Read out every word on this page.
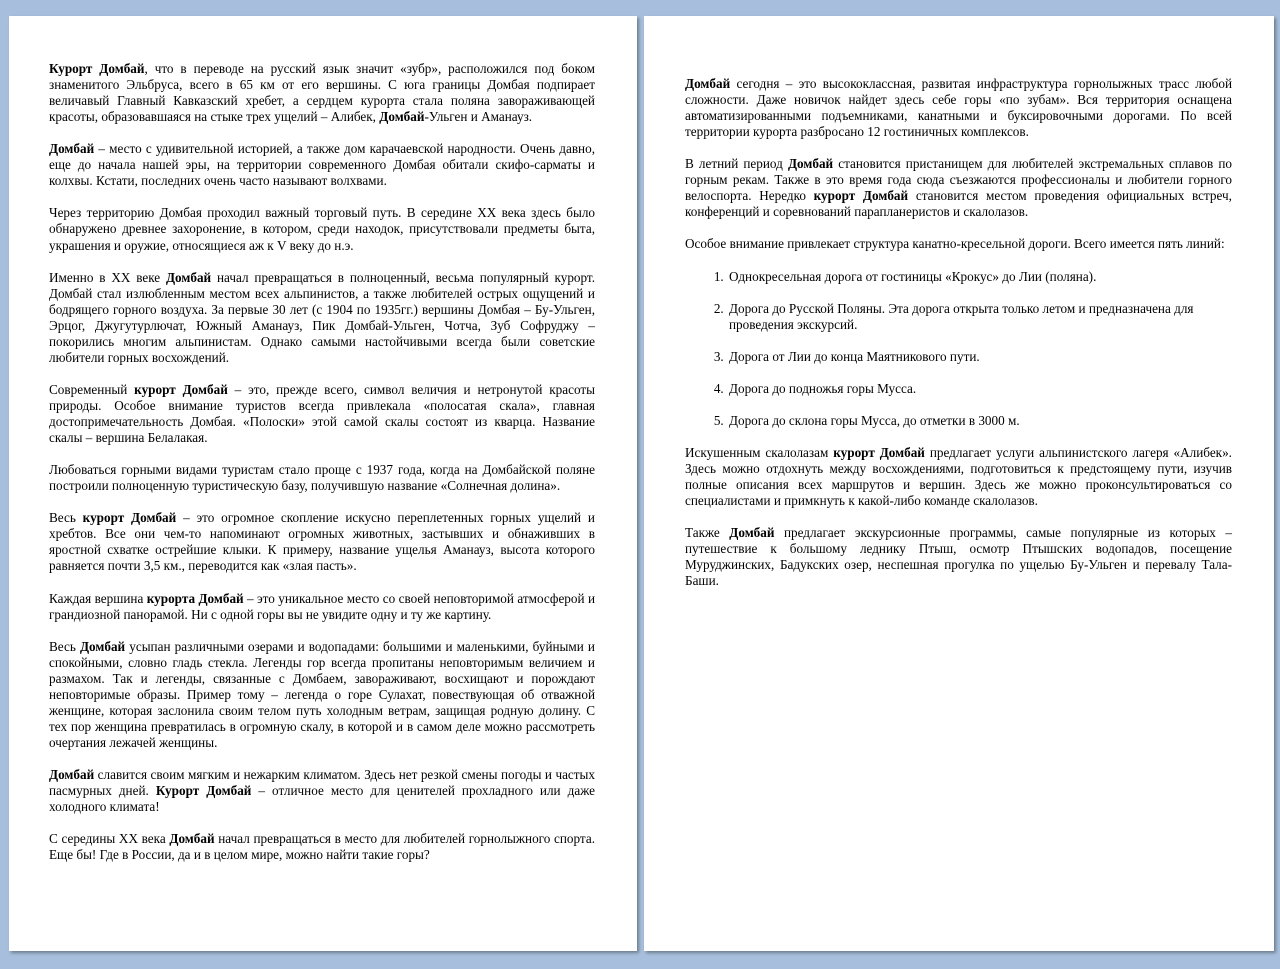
Курорт Домбай, что в переводе на русский язык значит «зубр», расположился под боком знаменитого Эльбруса, всего в 65 км от его вершины. С юга границы Домбая подпирает величавый Главный Кавказский хребет, а сердцем курорта стала поляна завораживающей красоты, образовавшаяся на стыке трех ущелий – Алибек, Домбай-Ульген и Аманауз.

Домбай – место с удивительной историей, а также дом карачаевской народности. Очень давно, еще до начала нашей эры, на территории современного Домбая обитали скифо-сарматы и колхвы. Кстати, последних очень часто называют волхвами.

Через территорию Домбая проходил важный торговый путь. В середине XX века здесь было обнаружено древнее захоронение, в котором, среди находок, присутствовали предметы быта, украшения и оружие, относящиеся аж к V веку до н.э.

Именно в XX веке Домбай начал превращаться в полноценный, весьма популярный курорт. Домбай стал излюбленным местом всех альпинистов, а также любителей острых ощущений и бодрящего горного воздуха. За первые 30 лет (с 1904 по 1935гг.) вершины Домбая – Бу-Ульген, Эрцог, Джугутурлючат, Южный Аманауз, Пик Домбай-Ульген, Чотча, Зуб Софруджу – покорились многим альпинистам. Однако самыми настойчивыми всегда были советские любители горных восхождений.

Современный курорт Домбай – это, прежде всего, символ величия и нетронутой красоты природы. Особое внимание туристов всегда привлекала «полосатая скала», главная достопримечательность Домбая. «Полоски» этой самой скалы состоят из кварца. Название скалы – вершина Белалакая.

Любоваться горными видами туристам стало проще с 1937 года, когда на Домбайской поляне построили полноценную туристическую базу, получившую название «Солнечная долина».

Весь курорт Домбай – это огромное скопление искусно переплетенных горных ущелий и хребтов. Все они чем-то напоминают огромных животных, застывших и обнаживших в яростной схватке острейшие клыки. К примеру, название ущелья Аманауз, высота которого равняется почти 3,5 км., переводится как «злая пасть».

Каждая вершина курорта Домбай – это уникальное место со своей неповторимой атмосферой и грандиозной панорамой. Ни с одной горы вы не увидите одну и ту же картину.

Весь Домбай усыпан различными озерами и водопадами: большими и маленькими, буйными и спокойными, словно гладь стекла. Легенды гор всегда пропитаны неповторимым величием и размахом. Так и легенды, связанные с Домбаем, завораживают, восхищают и порождают неповторимые образы. Пример тому – легенда о горе Сулахат, повествующая об отважной женщине, которая заслонила своим телом путь холодным ветрам, защищая родную долину. С тех пор женщина превратилась в огромную скалу, в которой и в самом деле можно рассмотреть очертания лежачей женщины.

Домбай славится своим мягким и нежарким климатом. Здесь нет резкой смены погоды и частых пасмурных дней. Курорт Домбай – отличное место для ценителей прохладного или даже холодного климата!

С середины XX века Домбай начал превращаться в место для любителей горнолыжного спорта. Еще бы! Где в России, да и в целом мире, можно найти такие горы?

Домбай сегодня – это высококлассная, развитая инфраструктура горнолыжных трасс любой сложности. Даже новичок найдет здесь себе горы «по зубам». Вся территория оснащена автоматизированными подъемниками, канатными и буксировочными дорогами. По всей территории курорта разбросано 12 гостиничных комплексов.

В летний период Домбай становится пристанищем для любителей экстремальных сплавов по горным рекам. Также в это время года сюда съезжаются профессионалы и любители горного велоспорта. Нередко курорт Домбай становится местом проведения официальных встреч, конференций и соревнований парапланеристов и скалолазов.

Особое внимание привлекает структура канатно-кресельной дороги. Всего имеется пять линий:

1. Однокресельная дорога от гостиницы «Крокус» до Лии (поляна).
2. Дорога до Русской Поляны. Эта дорога открыта только летом и предназначена для проведения экскурсий.
3. Дорога от Лии до конца Маятникового пути.
4. Дорога до подножья горы Мусса.
5. Дорога до склона горы Мусса, до отметки в 3000 м.

Искушенным скалолазам курорт Домбай предлагает услуги альпинистского лагеря «Алибек». Здесь можно отдохнуть между восхождениями, подготовиться к предстоящему пути, изучив полные описания всех маршрутов и вершин. Здесь же можно проконсультироваться со специалистами и примкнуть к какой-либо команде скалолазов.

Также Домбай предлагает экскурсионные программы, самые популярные из которых – путешествие к большому леднику Птыш, осмотр Птышских водопадов, посещение Муруджинских, Бадукских озер, неспешная прогулка по ущелью Бу-Ульген и перевалу Тала-Баши.
